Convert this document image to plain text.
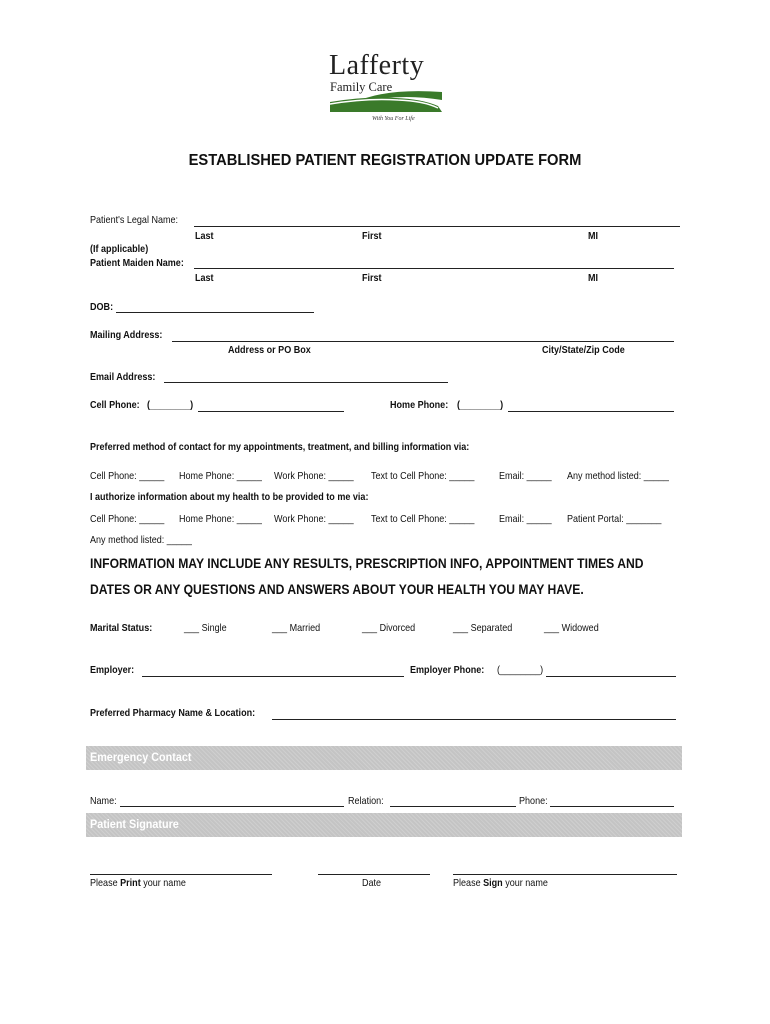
Lafferty
Family Care
With You For Life
ESTABLISHED PATIENT REGISTRATION UPDATE FORM
Patient's Legal Name:
Last	First	MI
(If applicable)
Patient Maiden Name:
Last	First	MI
DOB:
Mailing Address:
Address or PO Box	City/State/Zip Code
Email Address:
Cell Phone: (________)	Home Phone: (________)
Preferred method of contact for my appointments, treatment, and billing information via:
Cell Phone: _____ Home Phone: _____ Work Phone: _____ Text to Cell Phone: _____ Email: _____ Any method listed: _____
I authorize information about my health to be provided to me via:
Cell Phone: _____ Home Phone: _____ Work Phone: _____ Text to Cell Phone: _____ Email: _____ Patient Portal: _______
Any method listed: _____
INFORMATION MAY INCLUDE ANY RESULTS, PRESCRIPTION INFO, APPOINTMENT TIMES AND
DATES OR ANY QUESTIONS AND ANSWERS ABOUT YOUR HEALTH YOU MAY HAVE.
Marital Status:	___ Single	___ Married	___ Divorced	___ Separated	___ Widowed
Employer:	Employer Phone: (________)
Preferred Pharmacy Name & Location:
Emergency Contact
Name:	Relation:	Phone:
Patient Signature
Please Print your name	Date	Please Sign your name
